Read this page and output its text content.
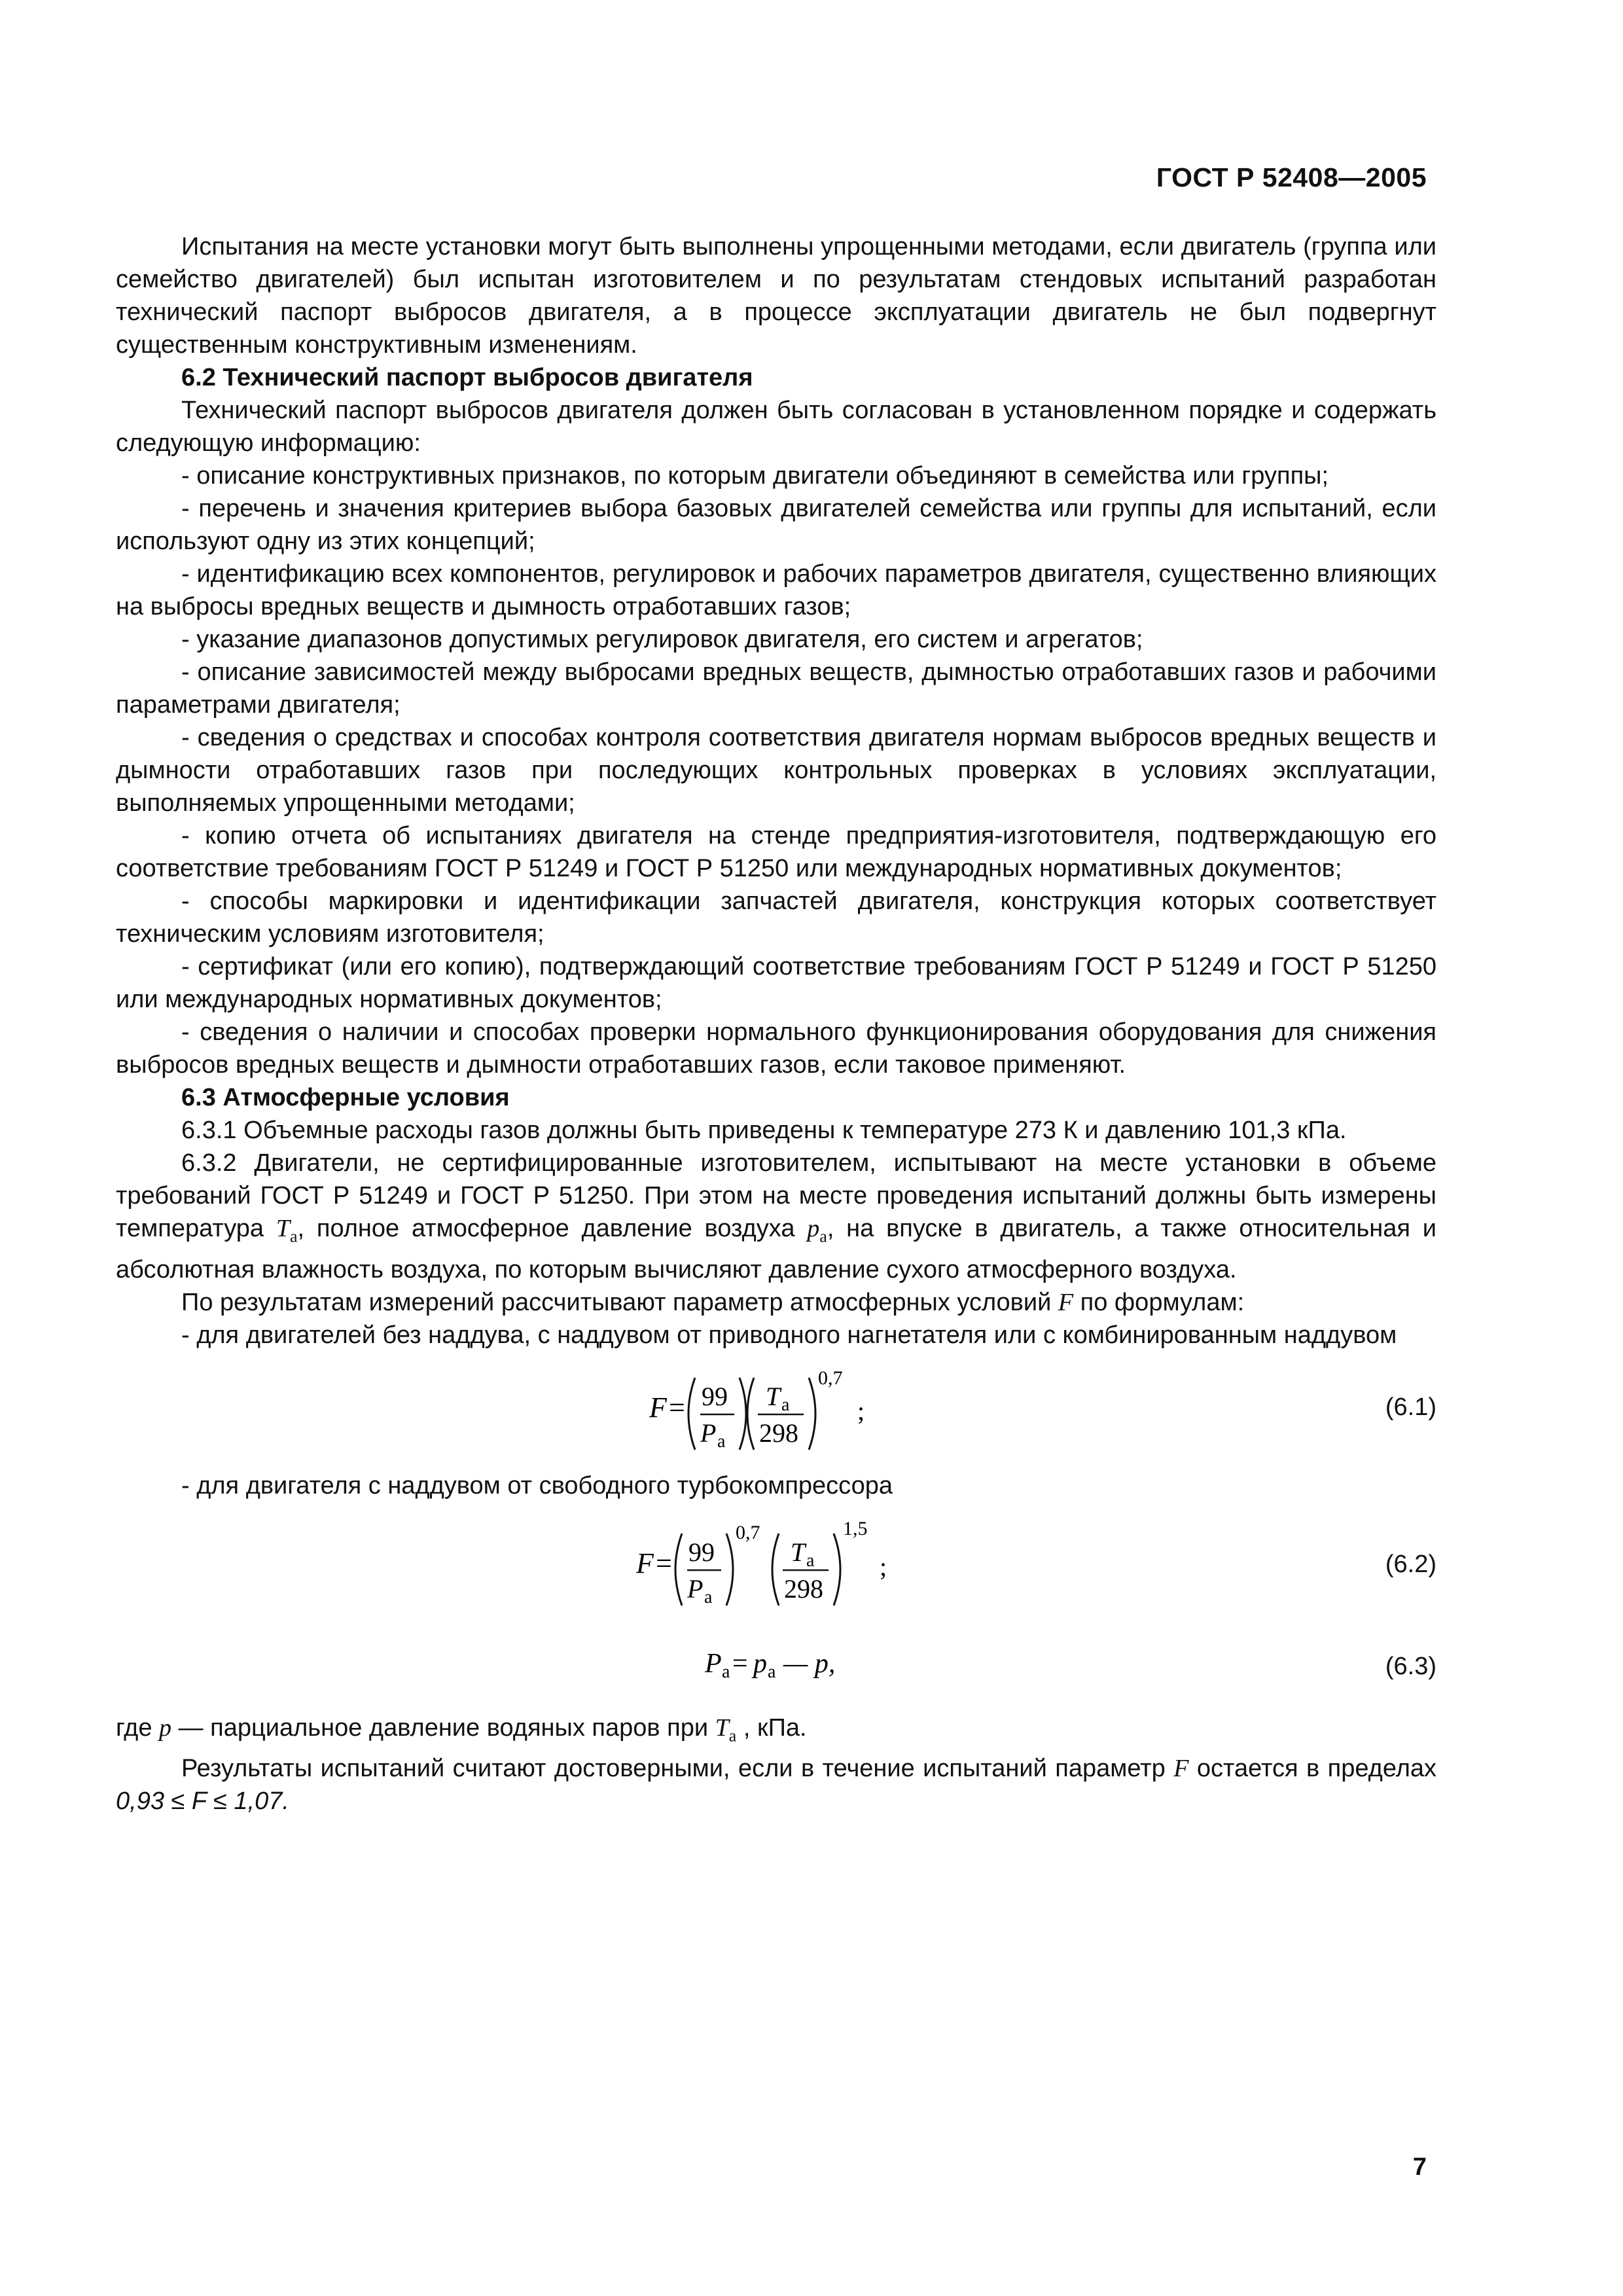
ГОСТ Р 52408—2005

Испытания на месте установки могут быть выполнены упрощенными методами, если двигатель (группа или семейство двигателей) был испытан изготовителем и по результатам стендовых испытаний разработан технический паспорт выбросов двигателя, а в процессе эксплуатации двигатель не был подвергнут существенным конструктивным изменениям.

6.2 Технический паспорт выбросов двигателя

Технический паспорт выбросов двигателя должен быть согласован в установленном порядке и содержать следующую информацию:

- описание конструктивных признаков, по которым двигатели объединяют в семейства или группы;

- перечень и значения критериев выбора базовых двигателей семейства или группы для испытаний, если используют одну из этих концепций;

- идентификацию всех компонентов, регулировок и рабочих параметров двигателя, существенно влияющих на выбросы вредных веществ и дымность отработавших газов;

- указание диапазонов допустимых регулировок двигателя, его систем и агрегатов;

- описание зависимостей между выбросами вредных веществ, дымностью отработавших газов и рабочими параметрами двигателя;

- сведения о средствах и способах контроля соответствия двигателя нормам выбросов вредных веществ и дымности отработавших газов при последующих контрольных проверках в условиях эксплуатации, выполняемых упрощенными методами;

- копию отчета об испытаниях двигателя на стенде предприятия-изготовителя, подтверждающую его соответствие требованиям ГОСТ Р 51249 и ГОСТ Р 51250 или международных нормативных документов;

- способы маркировки и идентификации запчастей двигателя, конструкция которых соответствует техническим условиям изготовителя;

- сертификат (или его копию), подтверждающий соответствие требованиям ГОСТ Р 51249 и ГОСТ Р 51250 или международных нормативных документов;

- сведения о наличии и способах проверки нормального функционирования оборудования для снижения выбросов вредных веществ и дымности отработавших газов, если таковое применяют.

6.3 Атмосферные условия

6.3.1 Объемные расходы газов должны быть приведены к температуре 273 К и давлению 101,3 кПа.

6.3.2 Двигатели, не сертифицированные изготовителем, испытывают на месте установки в объеме требований ГОСТ Р 51249 и ГОСТ Р 51250. При этом на месте проведения испытаний должны быть измерены температура $T_a$, полное атмосферное давление воздуха $p_a$, на впуске в двигатель, а также относительная и абсолютная влажность воздуха, по которым вычисляют давление сухого атмосферного воздуха.

По результатам измерений рассчитывают параметр атмосферных условий F по формулам:

- для двигателей без наддува, с наддувом от приводного нагнетателя или с комбинированным наддувом

F = 99
P a
T a
298
0,7
;	(6.1)

- для двигателя с наддувом от свободного турбокомпрессора

F = 99
P a
0,7
T a
298
1,5
;	(6.2)
P a = p a — p,	(6.3)

где p — парциальное давление водяных паров при $T_a$ , кПа.

Результаты испытаний считают достоверными, если в течение испытаний параметр F остается в пределах 0,93 ≤ F ≤ 1,07.

7
